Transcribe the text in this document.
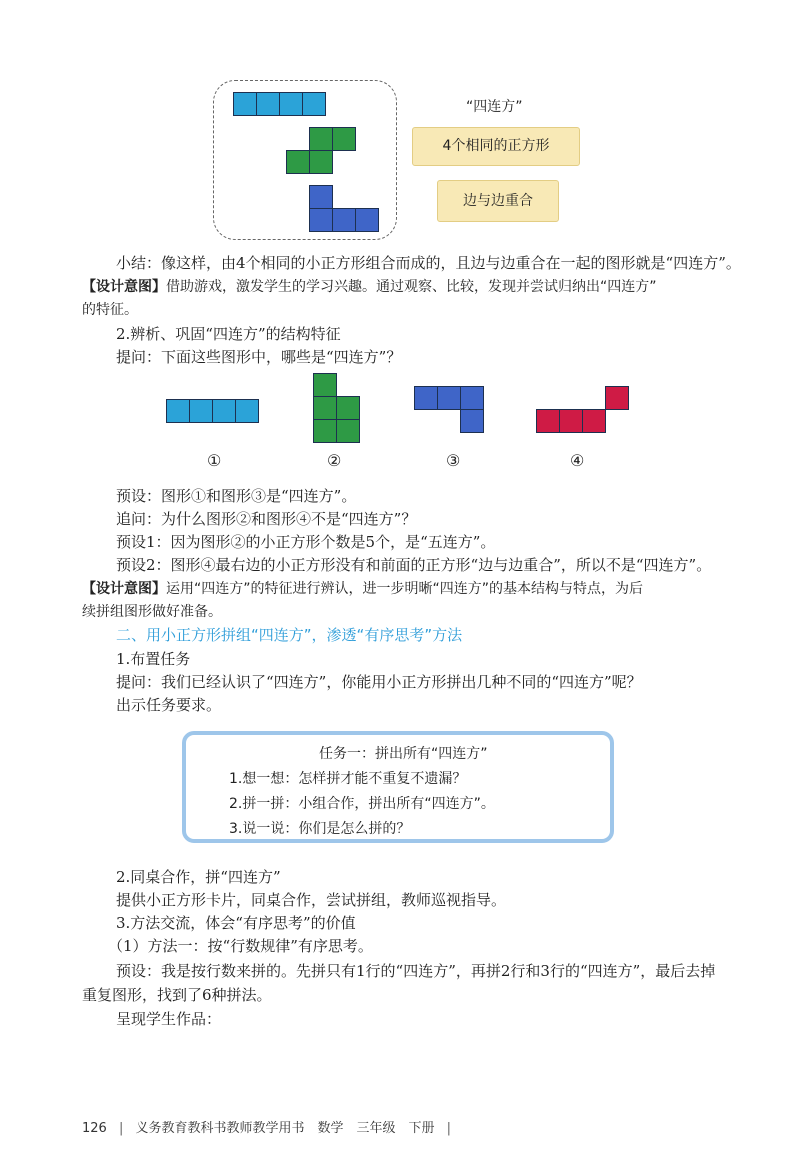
“四连方”
4个相同的正方形
边与边重合
小结：像这样，由4个相同的小正方形组合而成的，且边与边重合在一起的图形就是“四连方”。
【设计意图】借助游戏，激发学生的学习兴趣。通过观察、比较，发现并尝试归纳出“四连方”
的特征。
2.辨析、巩固“四连方”的结构特征
提问：下面这些图形中，哪些是“四连方”？
①	②	③	④
预设：图形①和图形③是“四连方”。
追问：为什么图形②和图形④不是“四连方”？
预设1：因为图形②的小正方形个数是5个，是“五连方”。
预设2：图形④最右边的小正方形没有和前面的正方形“边与边重合”，所以不是“四连方”。
【设计意图】运用“四连方”的特征进行辨认，进一步明晰“四连方”的基本结构与特点，为后
续拼组图形做好准备。
二、用小正方形拼组“四连方”，渗透“有序思考”方法
1.布置任务
提问：我们已经认识了“四连方”，你能用小正方形拼出几种不同的“四连方”呢？
出示任务要求。
任务一：拼出所有“四连方”
1.想一想：怎样拼才能不重复不遗漏？
2.拼一拼：小组合作，拼出所有“四连方”。
3.说一说：你们是怎么拼的？
2.同桌合作，拼“四连方”
提供小正方形卡片，同桌合作，尝试拼组，教师巡视指导。
3.方法交流，体会“有序思考”的价值
（1）方法一：按“行数规律”有序思考。
预设：我是按行数来拼的。先拼只有1行的“四连方”，再拼2行和3行的“四连方”，最后去掉
重复图形，找到了6种拼法。
呈现学生作品：
126 | 义务教育教科书教师教学用书　数学　三年级　下册 |
